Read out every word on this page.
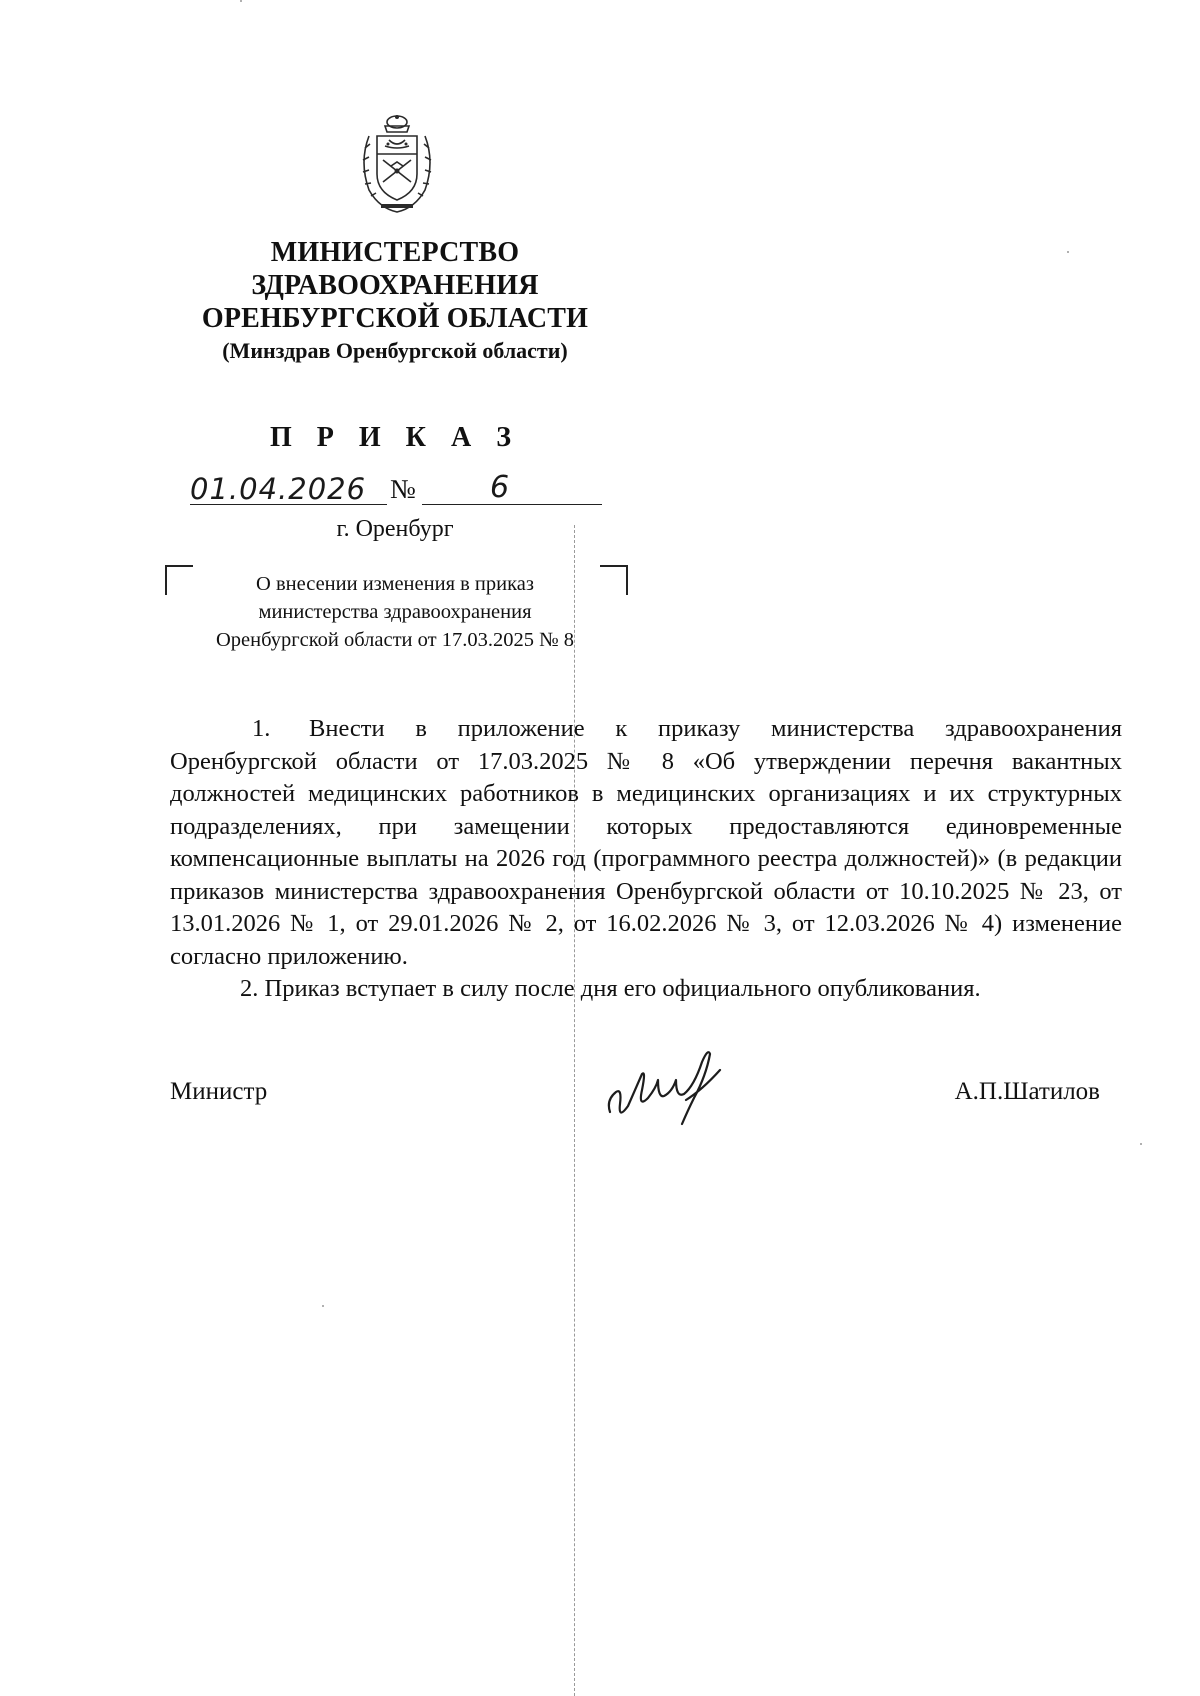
МИНИСТЕРСТВО
ЗДРАВООХРАНЕНИЯ
ОРЕНБУРГСКОЙ ОБЛАСТИ
(Минздрав Оренбургской области)
П Р И К А З
01.04.2026 № 6
г. Оренбург
О внесении изменения в приказ
министерства здравоохранения
Оренбургской области от 17.03.2025 № 8

1. Внести в приложение к приказу министерства здравоохранения Оренбургской области от 17.03.2025 № 8 «Об утверждении перечня вакантных должностей медицинских работников в медицинских организациях и их структурных подразделениях, при замещении которых предоставляются единовременные компенсационные выплаты на 2026 год (программного реестра должностей)» (в редакции приказов министерства здравоохранения Оренбургской области от 10.10.2025 № 23, от 13.01.2026 № 1, от 29.01.2026 № 2, от 16.02.2026 № 3, от 12.03.2026 № 4) изменение согласно приложению.

2. Приказ вступает в силу после дня его официального опубликования.

Министр	А.П.Шатилов
